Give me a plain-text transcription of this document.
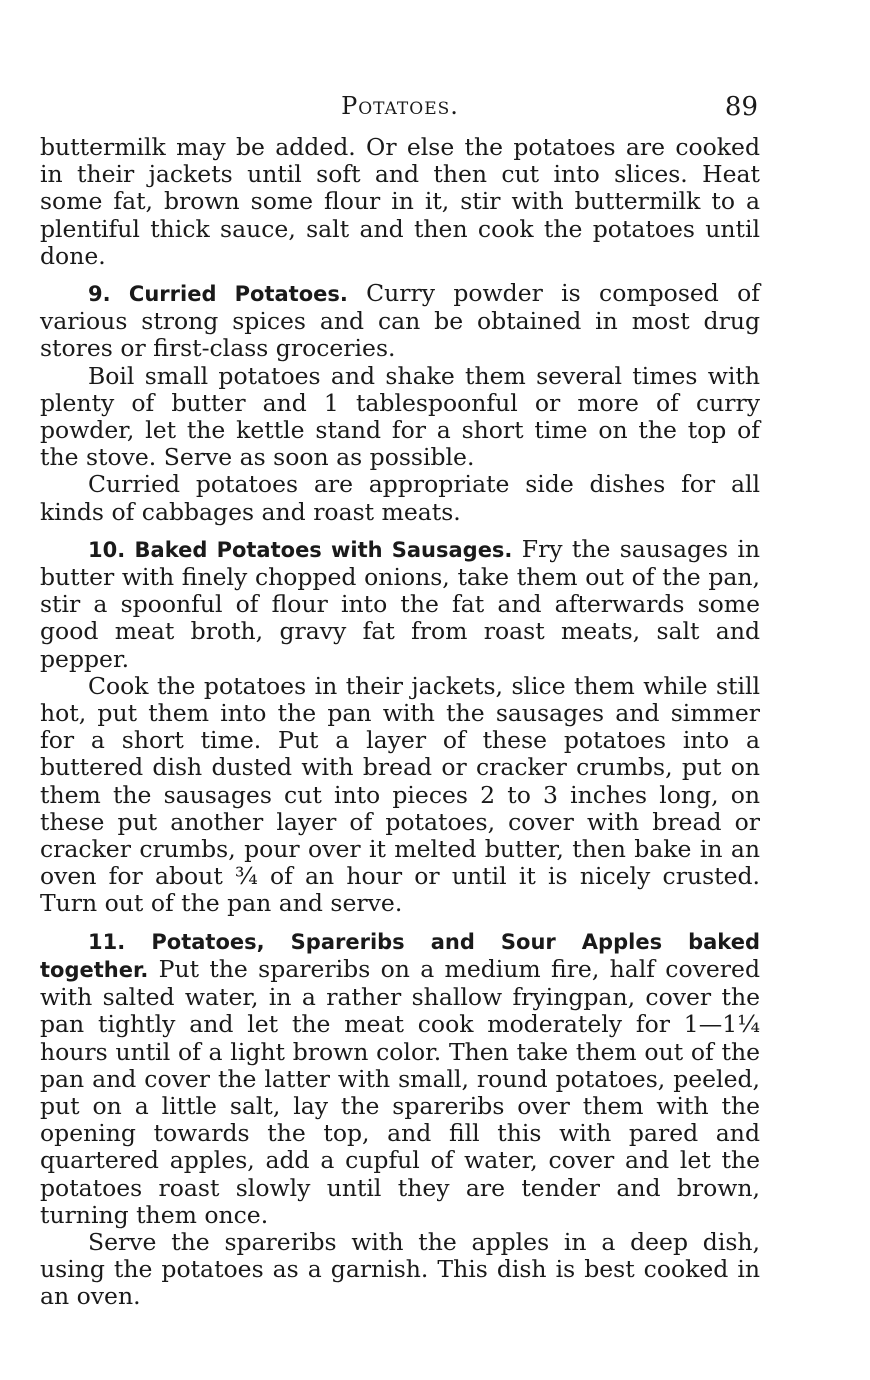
Potatoes.	89

buttermilk may be added. Or else the potatoes are cooked in their jackets until soft and then cut into slices. Heat some fat, brown some flour in it, stir with buttermilk to a plentiful thick sauce, salt and then cook the potatoes until done.

9. Curried Potatoes. Curry powder is composed of various strong spices and can be obtained in most drug stores or first-class groceries.

Boil small potatoes and shake them several times with plenty of butter and 1 tablespoonful or more of curry powder, let the kettle stand for a short time on the top of the stove. Serve as soon as possible.

Curried potatoes are appropriate side dishes for all kinds of cabbages and roast meats.

10. Baked Potatoes with Sausages. Fry the sausages in butter with finely chopped onions, take them out of the pan, stir a spoonful of flour into the fat and afterwards some good meat broth, gravy fat from roast meats, salt and pepper.

Cook the potatoes in their jackets, slice them while still hot, put them into the pan with the sausages and simmer for a short time. Put a layer of these potatoes into a buttered dish dusted with bread or cracker crumbs, put on them the sausages cut into pieces 2 to 3 inches long, on these put another layer of potatoes, cover with bread or cracker crumbs, pour over it melted butter, then bake in an oven for about ¾ of an hour or until it is nicely crusted. Turn out of the pan and serve.

11. Potatoes, Spareribs and Sour Apples baked together. Put the spareribs on a medium fire, half covered with salted water, in a rather shallow fryingpan, cover the pan tightly and let the meat cook moderately for 1—1¼ hours until of a light brown color. Then take them out of the pan and cover the latter with small, round potatoes, peeled, put on a little salt, lay the spareribs over them with the opening towards the top, and fill this with pared and quartered apples, add a cupful of water, cover and let the potatoes roast slowly until they are tender and brown, turning them once.

Serve the spareribs with the apples in a deep dish, using the potatoes as a garnish. This dish is best cooked in an oven.
